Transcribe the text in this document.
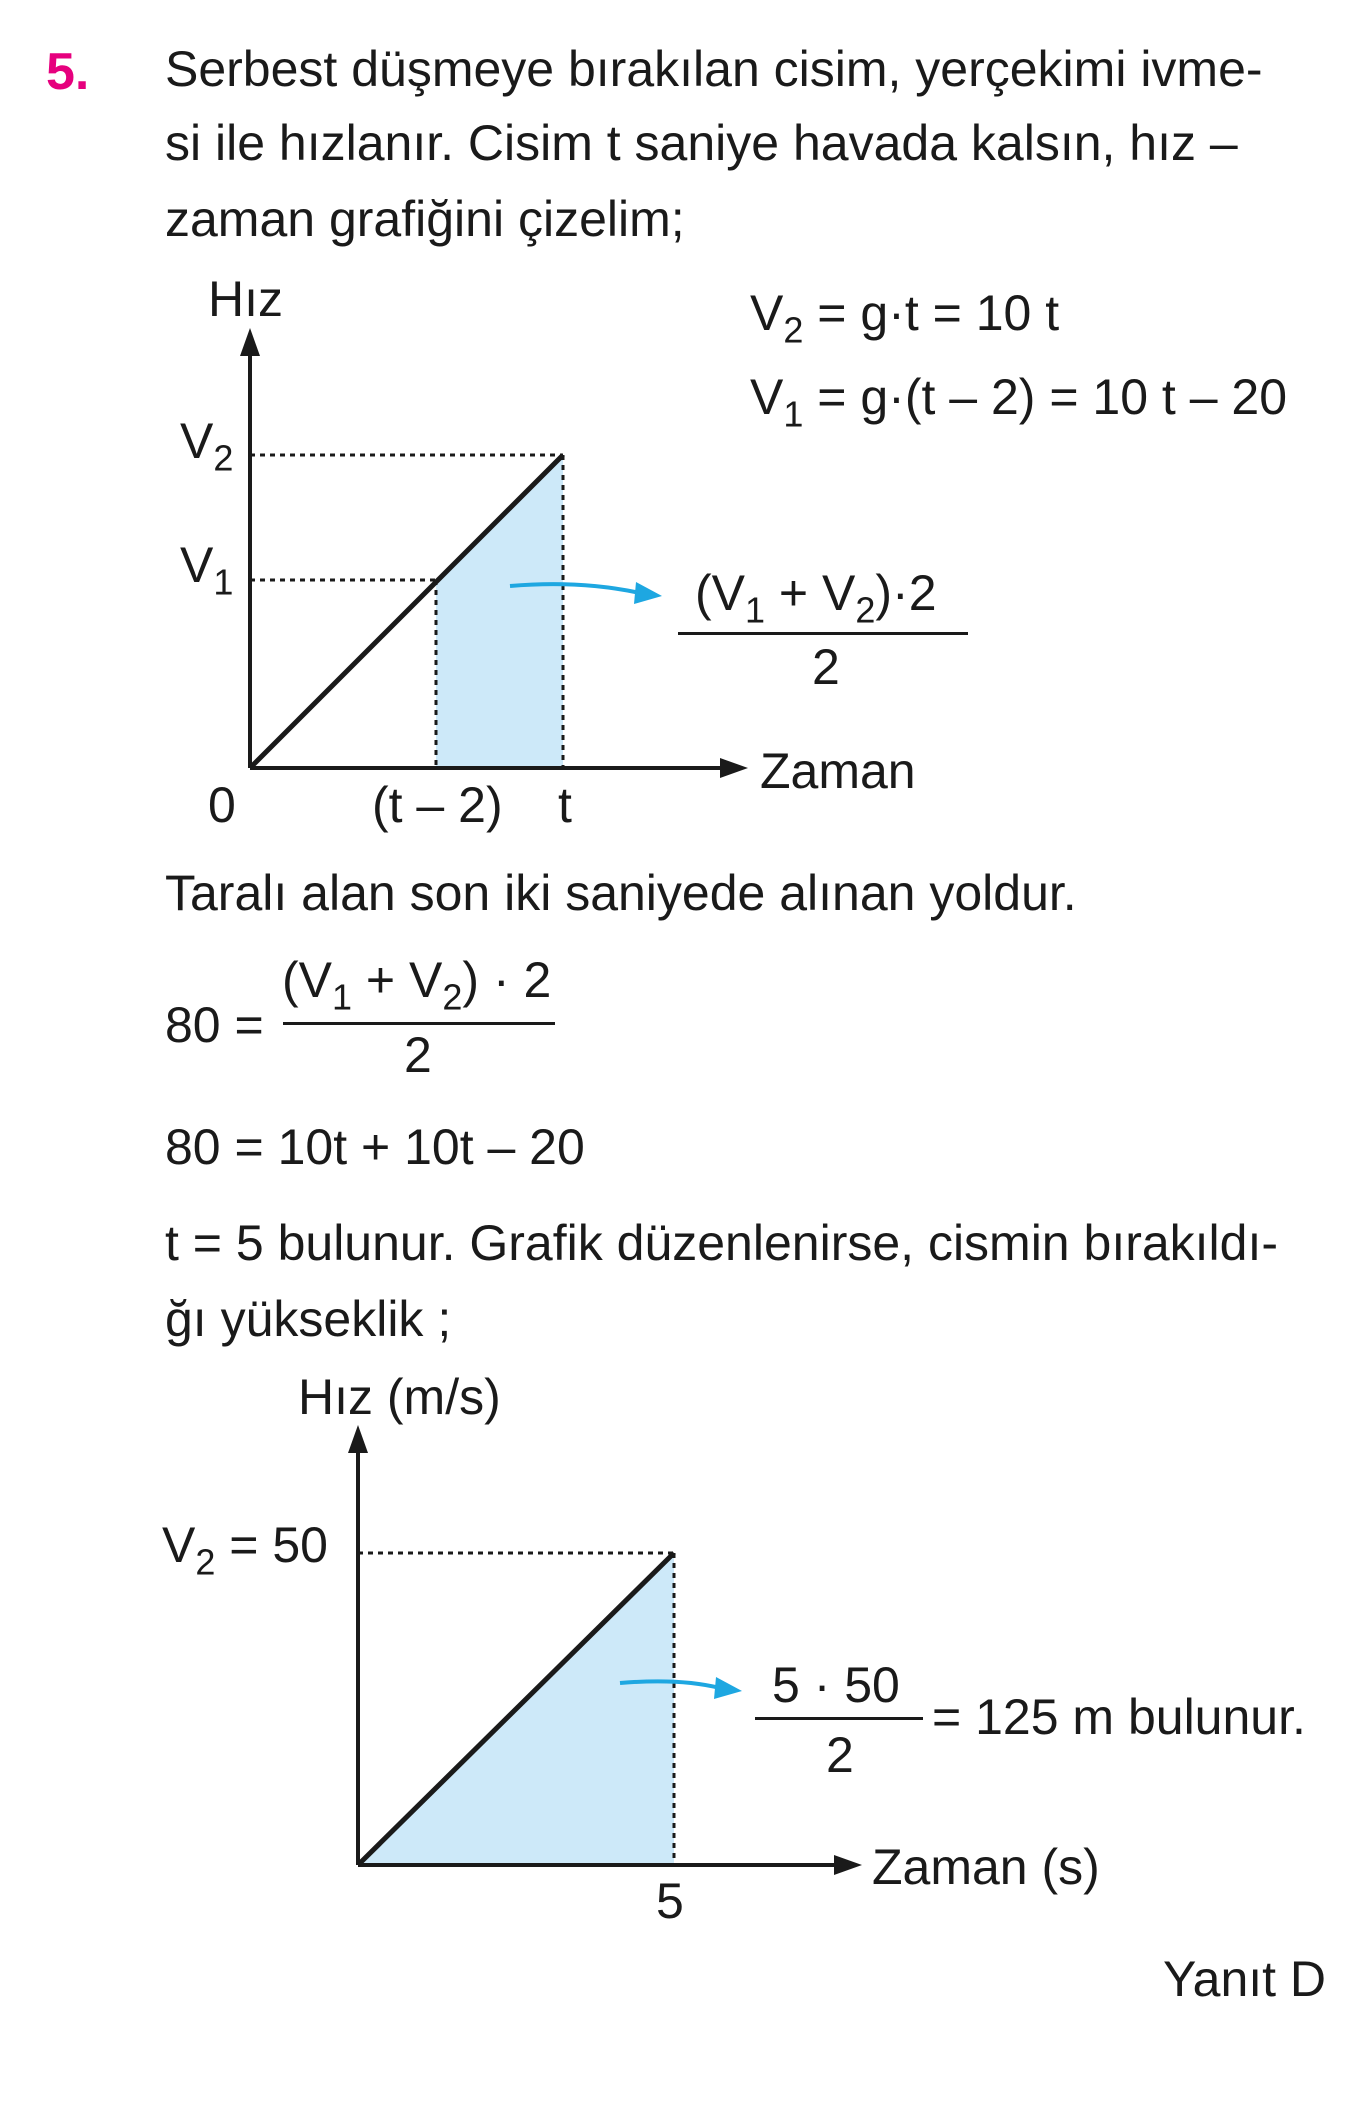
5. Serbest düşmeye bırakılan cisim, yerçekimi ivme-
si ile hızlanır. Cisim t saniye havada kalsın, hız –
zaman grafiğini çizelim;
Hız
Zaman
0	(t – 2) t
$V_2$
$V_1$	$(V_1 + V_2)\cdot 2$
2
$V_2 = g\cdot t = 10$ t
$V_1 = g\cdot(t - 2) = 10$ t – 20
Taralı alan son iki saniyede alınan yoldur.
80 =
$(V_1 + V_2) \cdot 2$
2
80 = 10t + 10t – 20
t = 5 bulunur. Grafik düzenlenirse, cismin bırakıldı-
ğı yükseklik ;
Hız (m/s)
Zaman (s)
5
$V_2 = 50$
5 · 50
2
= 125 m bulunur.
Yanıt D
